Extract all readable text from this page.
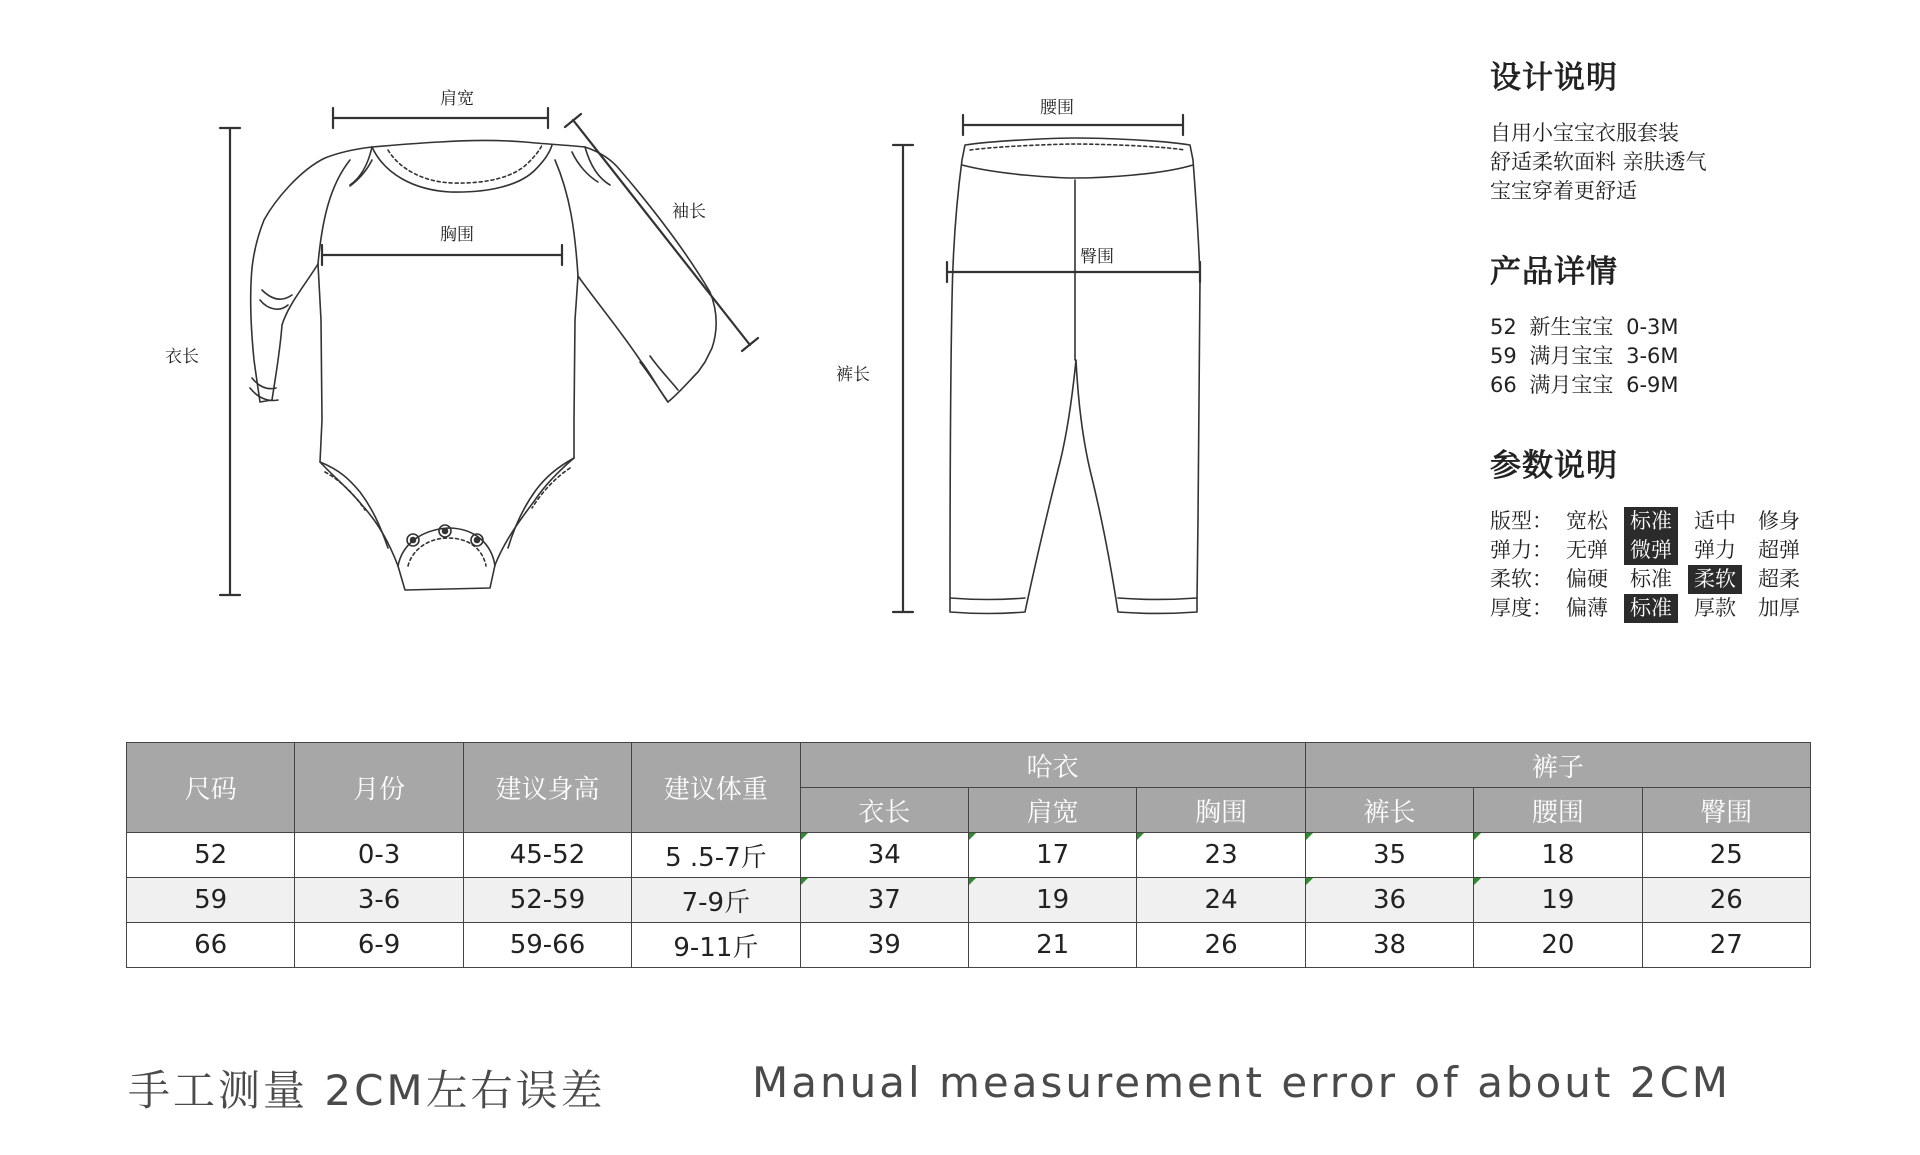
肩宽
袖长
胸围
衣长
腰围
臀围
裤长
设计说明
自用小宝宝衣服套装
舒适柔软面料 亲肤透气
宝宝穿着更舒适
产品详情
52 新生宝宝 0-3M
59 满月宝宝 3-6M
66 满月宝宝 6-9M
参数说明
版型： 宽松 标准 适中 修身
弹力： 无弹 微弹 弹力 超弹
柔软： 偏硬 标准 柔软 超柔
厚度： 偏薄 标准 厚款 加厚
尺码	月份	建议身高	建议体重	哈衣			裤子		
				衣长	肩宽	胸围	裤长	腰围	臀围
52	0-3	45-52	5 .5-7斤	34	17	23	35	18	25
59	3-6	52-59	7-9斤	37	19	24	36	19	26
66	6-9	59-66	9-11斤	39	21	26	38	20	27
手工测量 2CM左右误差	Manual measurement error of about 2CM
